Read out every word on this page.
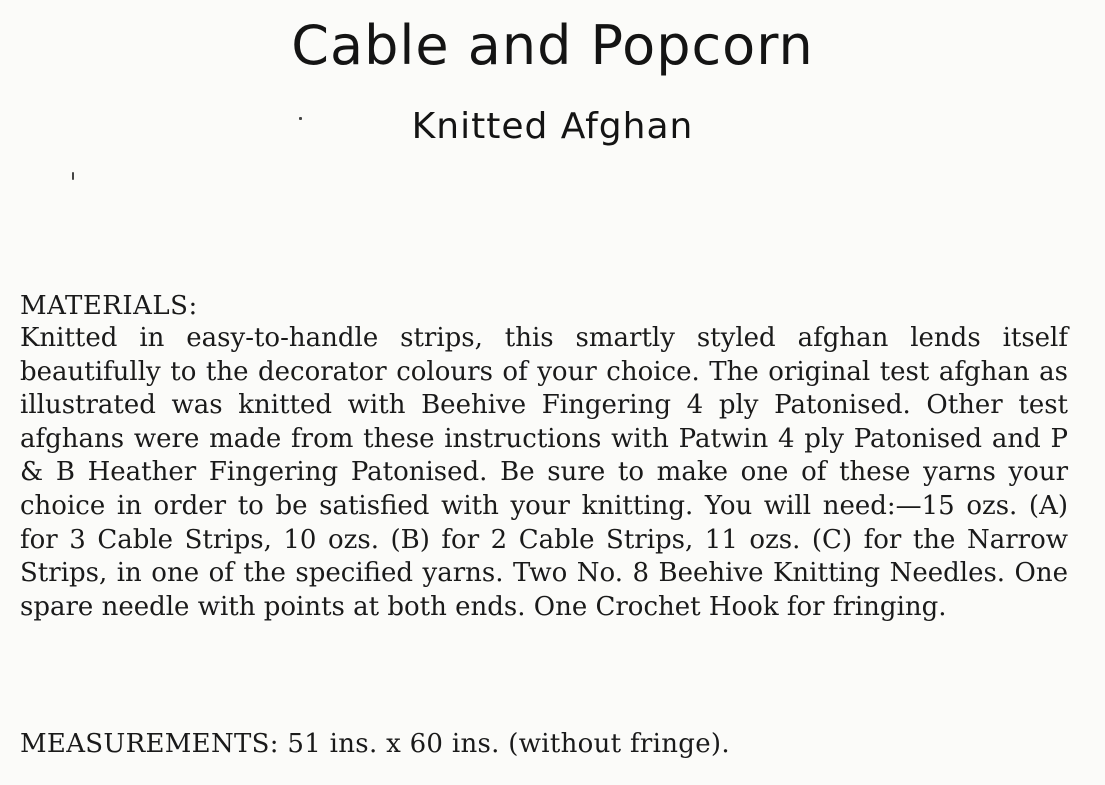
Cable and Popcorn
Knitted Afghan
MATERIALS:

Knitted in easy-to-handle strips, this smartly styled afghan lends itself beautifully to the decorator colours of your choice. The original test afghan as illustrated was knitted with Beehive Fingering 4 ply Patonised. Other test afghans were made from these instructions with Patwin 4 ply Patonised and P & B Heather Fingering Patonised. Be sure to make one of these yarns your choice in order to be satisfied with your knitting. You will need:—15 ozs. (A) for 3 Cable Strips, 10 ozs. (B) for 2 Cable Strips, 11 ozs. (C) for the Narrow Strips, in one of the specified yarns. Two No. 8 Beehive Knitting Needles. One spare needle with points at both ends. One Crochet Hook for fringing.

MEASUREMENTS: 51 ins. x 60 ins. (without fringe).
